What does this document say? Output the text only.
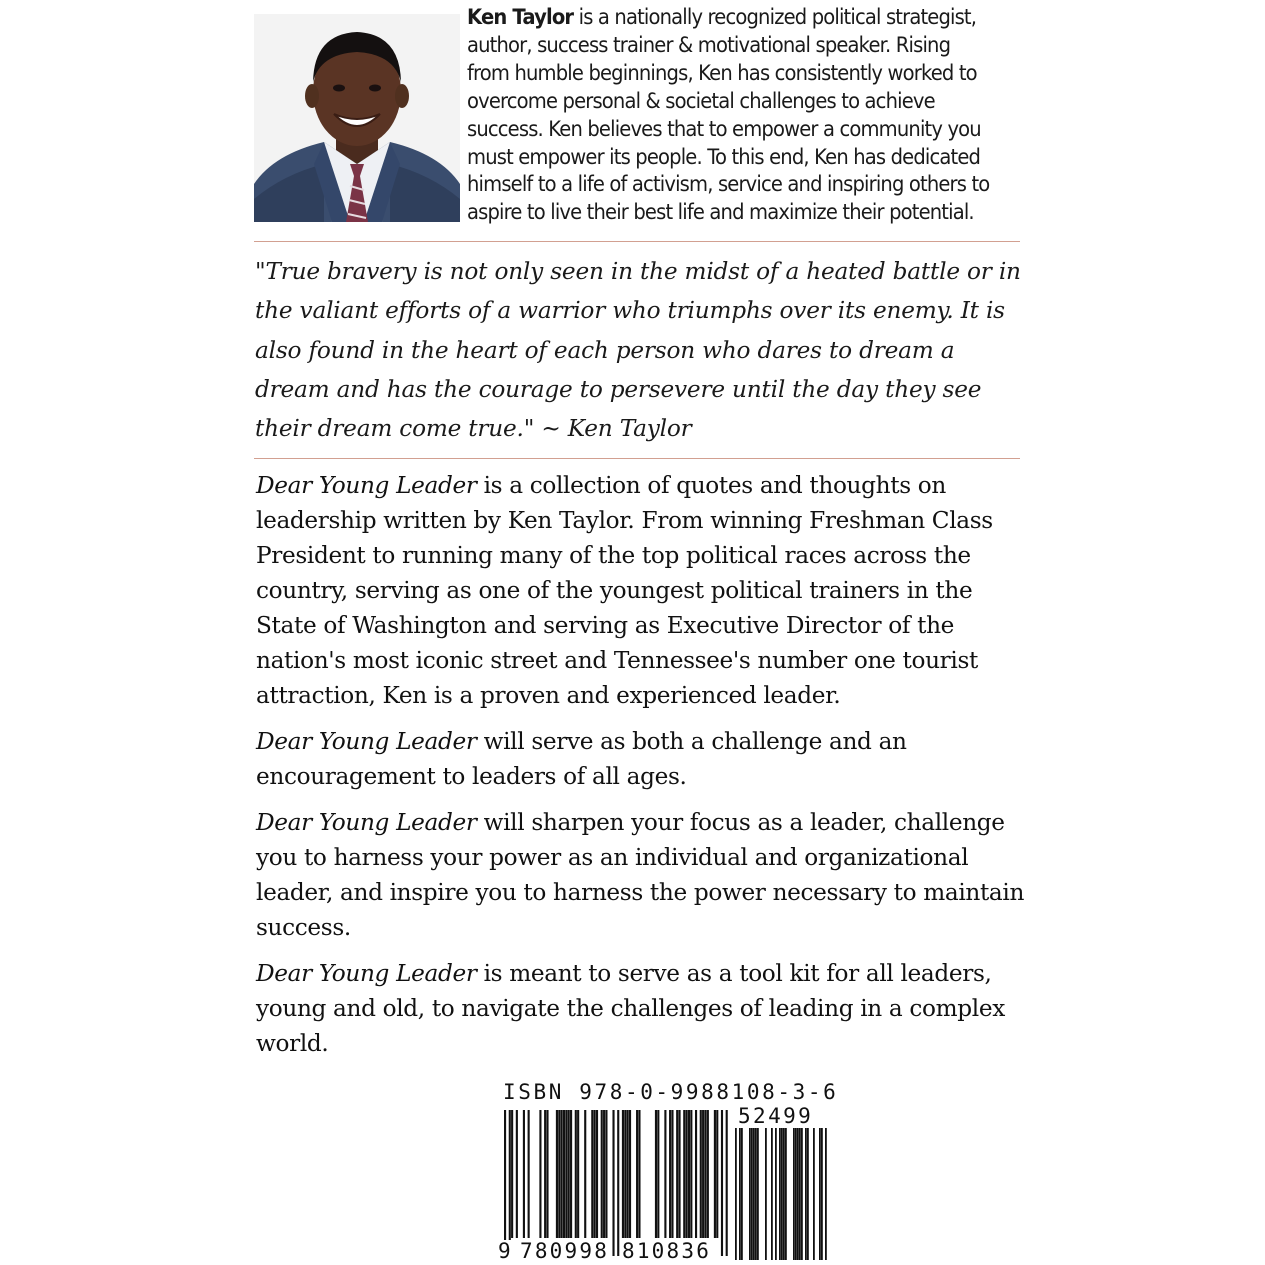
Ken Taylor is a nationally recognized political strategist, author, success trainer & motivational speaker. Rising from humble beginnings, Ken has consistently worked to overcome personal & societal challenges to achieve success. Ken believes that to empower a community you must empower its people. To this end, Ken has dedicated himself to a life of activism, service and inspiring others to aspire to live their best life and maximize their potential.

"True bravery is not only seen in the midst of a heated battle or in the valiant efforts of a warrior who triumphs over its enemy. It is also found in the heart of each person who dares to dream a dream and has the courage to persevere until the day they see their dream come true." ~ Ken Taylor

Dear Young Leader is a collection of quotes and thoughts on leadership written by Ken Taylor. From winning Freshman Class President to running many of the top political races across the country, serving as one of the youngest political trainers in the State of Washington and serving as Executive Director of the nation's most iconic street and Tennessee's number one tourist attraction, Ken is a proven and experienced leader.

Dear Young Leader will serve as both a challenge and an encouragement to leaders of all ages.

Dear Young Leader will sharpen your focus as a leader, challenge you to harness your power as an individual and organizational leader, and inspire you to harness the power necessary to maintain success.

Dear Young Leader is meant to serve as a tool kit for all leaders, young and old, to navigate the challenges of leading in a complex world.

ISBN 978-0-9988108-3-6
52499
9 780998 810836
